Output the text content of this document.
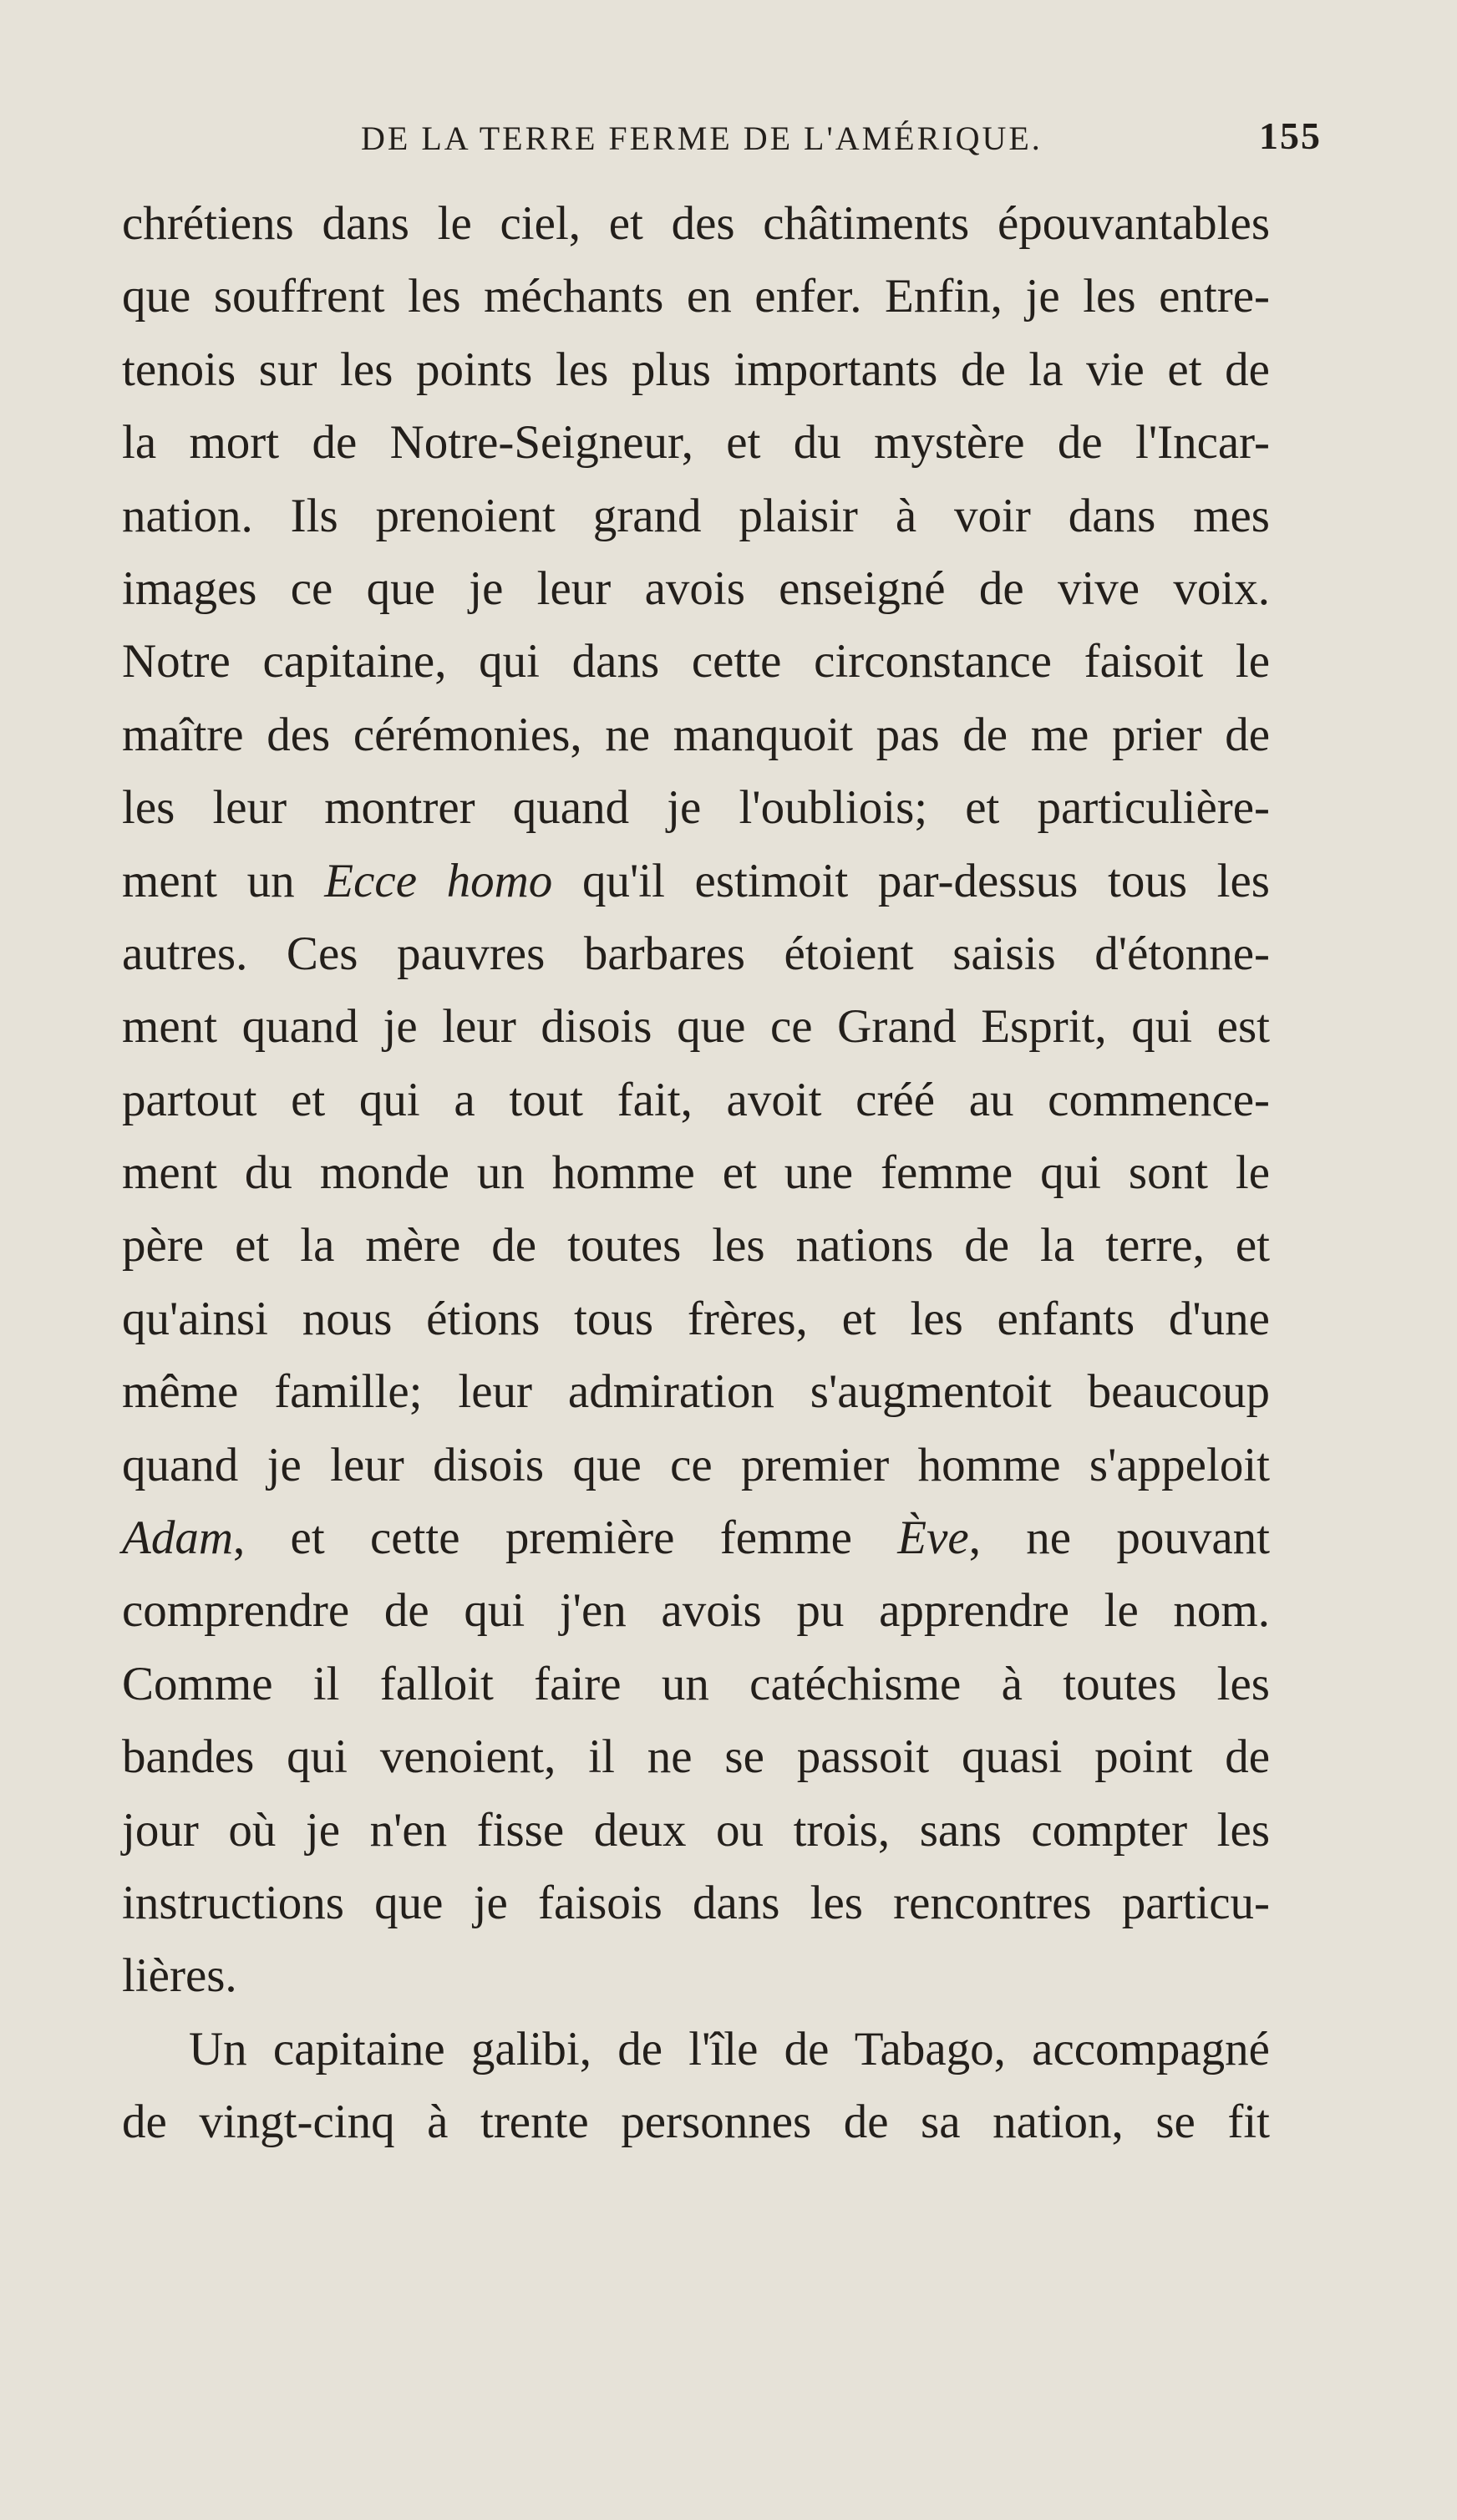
DE LA TERRE FERME DE L'AMÉRIQUE.	155
chrétiens dans le ciel, et des châtiments épouvantables
que souffrent les méchants en enfer. Enfin, je les entre-
tenois sur les points les plus importants de la vie et de
la mort de Notre-Seigneur, et du mystère de l'Incar-
nation. Ils prenoient grand plaisir à voir dans mes
images ce que je leur avois enseigné de vive voix.
Notre capitaine, qui dans cette circonstance faisoit le
maître des cérémonies, ne manquoit pas de me prier de
les leur montrer quand je l'oubliois; et particulière-
ment un Ecce homo qu'il estimoit par-dessus tous les
autres. Ces pauvres barbares étoient saisis d'étonne-
ment quand je leur disois que ce Grand Esprit, qui est
partout et qui a tout fait, avoit créé au commence-
ment du monde un homme et une femme qui sont le
père et la mère de toutes les nations de la terre, et
qu'ainsi nous étions tous frères, et les enfants d'une
même famille; leur admiration s'augmentoit beaucoup
quand je leur disois que ce premier homme s'appeloit
Adam, et cette première femme Ève, ne pouvant
comprendre de qui j'en avois pu apprendre le nom.
Comme il falloit faire un catéchisme à toutes les
bandes qui venoient, il ne se passoit quasi point de
jour où je n'en fisse deux ou trois, sans compter les
instructions que je faisois dans les rencontres particu-
lières.
Un capitaine galibi, de l'île de Tabago, accompagné
de vingt-cinq à trente personnes de sa nation, se fit
